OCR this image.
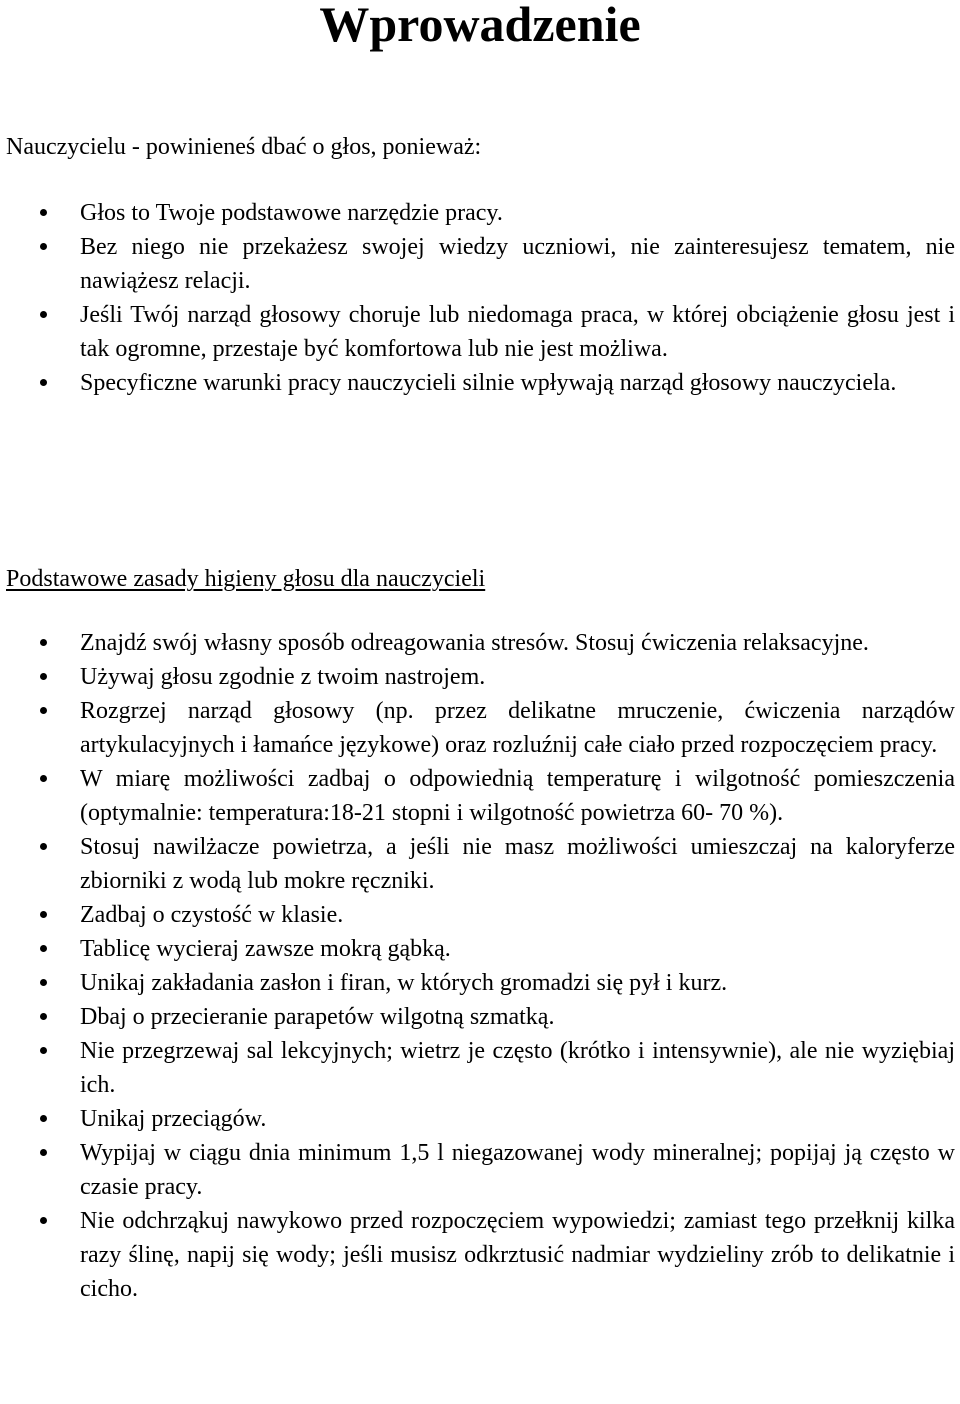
Wprowadzenie

Nauczycielu - powinieneś dbać o głos, ponieważ:

Głos to Twoje podstawowe narzędzie pracy.
Bez niego nie przekażesz swojej wiedzy uczniowi, nie zainteresujesz tematem, nie nawiążesz relacji.
Jeśli Twój narząd głosowy choruje lub niedomaga praca, w której obciążenie głosu jest i tak ogromne, przestaje być komfortowa lub nie jest możliwa.
Specyficzne warunki pracy nauczycieli silnie wpływają narząd głosowy nauczyciela.
Podstawowe zasady higieny głosu dla nauczycieli
Znajdź swój własny sposób odreagowania stresów. Stosuj ćwiczenia relaksacyjne.
Używaj głosu zgodnie z twoim nastrojem.
Rozgrzej narząd głosowy (np. przez delikatne mruczenie, ćwiczenia narządów artykulacyjnych i łamańce językowe) oraz rozluźnij całe ciało przed rozpoczęciem pracy.
W miarę możliwości zadbaj o odpowiednią temperaturę i wilgotność pomieszczenia (optymalnie: temperatura:18-21 stopni i wilgotność powietrza 60- 70 %).
Stosuj nawilżacze powietrza, a jeśli nie masz możliwości umieszczaj na kaloryferze zbiorniki z wodą lub mokre ręczniki.
Zadbaj o czystość w klasie.
Tablicę wycieraj zawsze mokrą gąbką.
Unikaj zakładania zasłon i firan, w których gromadzi się pył i kurz.
Dbaj o przecieranie parapetów wilgotną szmatką.
Nie przegrzewaj sal lekcyjnych; wietrz je często (krótko i intensywnie), ale nie wyziębiaj ich.
Unikaj przeciągów.
Wypijaj w ciągu dnia minimum 1,5 l niegazowanej wody mineralnej; popijaj ją często w czasie pracy.
Nie odchrząkuj nawykowo przed rozpoczęciem wypowiedzi; zamiast tego przełknij kilka razy ślinę, napij się wody; jeśli musisz odkrztusić nadmiar wydzieliny zrób to delikatnie i cicho.
